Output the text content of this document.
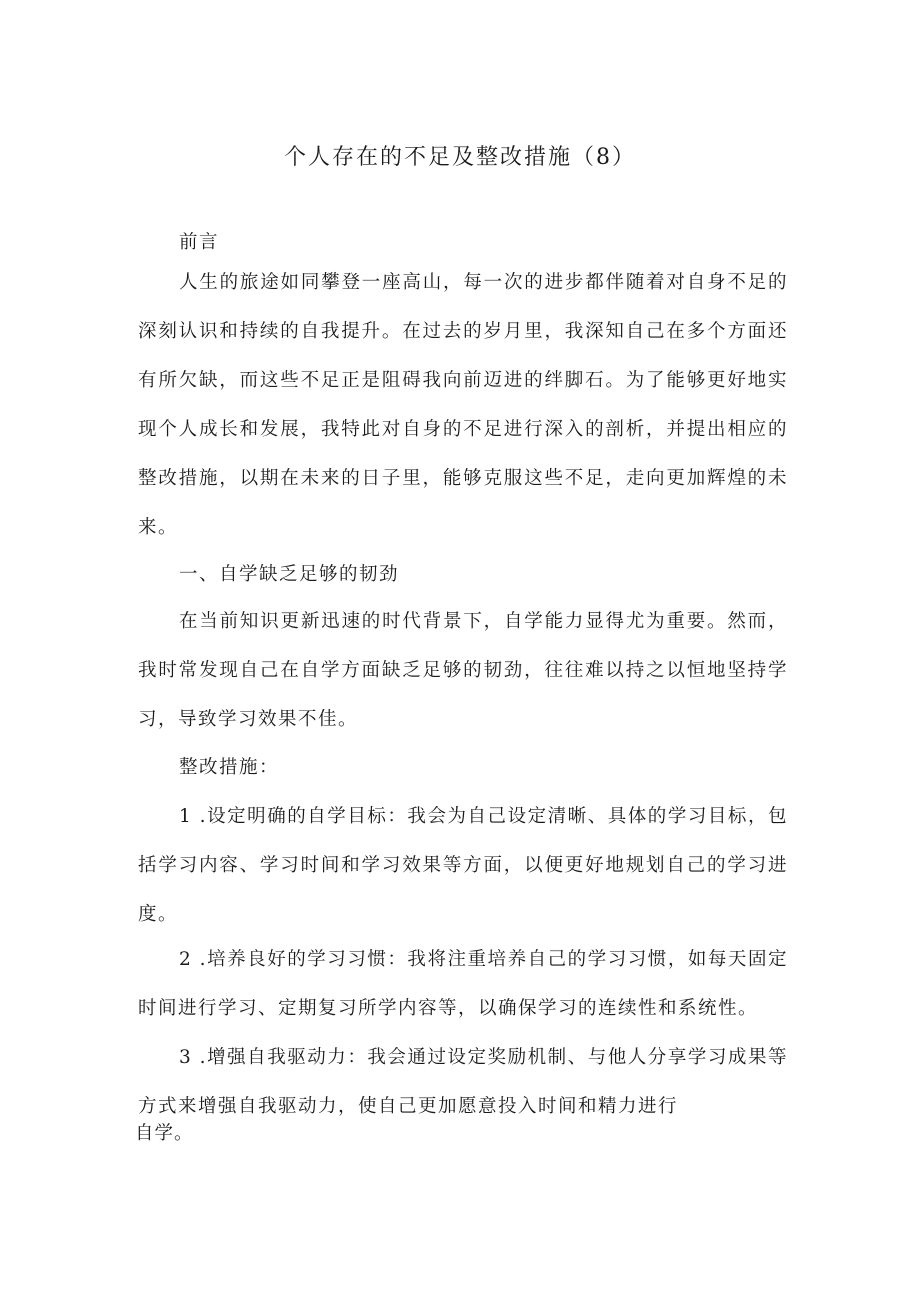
个人存在的不足及整改措施（8）

前言

人生的旅途如同攀登一座高山，每一次的进步都伴随着对自身不足的深刻认识和持续的自我提升。在过去的岁月里，我深知自己在多个方面还有所欠缺，而这些不足正是阻碍我向前迈进的绊脚石。为了能够更好地实现个人成长和发展，我特此对自身的不足进行深入的剖析，并提出相应的整改措施，以期在未来的日子里，能够克服这些不足，走向更加辉煌的未来。

一、自学缺乏足够的韧劲

在当前知识更新迅速的时代背景下，自学能力显得尤为重要。然而，我时常发现自己在自学方面缺乏足够的韧劲，往往难以持之以恒地坚持学习，导致学习效果不佳。

整改措施：

1 .设定明确的自学目标：我会为自己设定清晰、具体的学习目标，包括学习内容、学习时间和学习效果等方面，以便更好地规划自己的学习进度。

2 .培养良好的学习习惯：我将注重培养自己的学习习惯，如每天固定时间进行学习、定期复习所学内容等，以确保学习的连续性和系统性。

3 .增强自我驱动力：我会通过设定奖励机制、与他人分享学习成果等方式来增强自我驱动力，使自己更加愿意投入时间和精力进行

自学。
